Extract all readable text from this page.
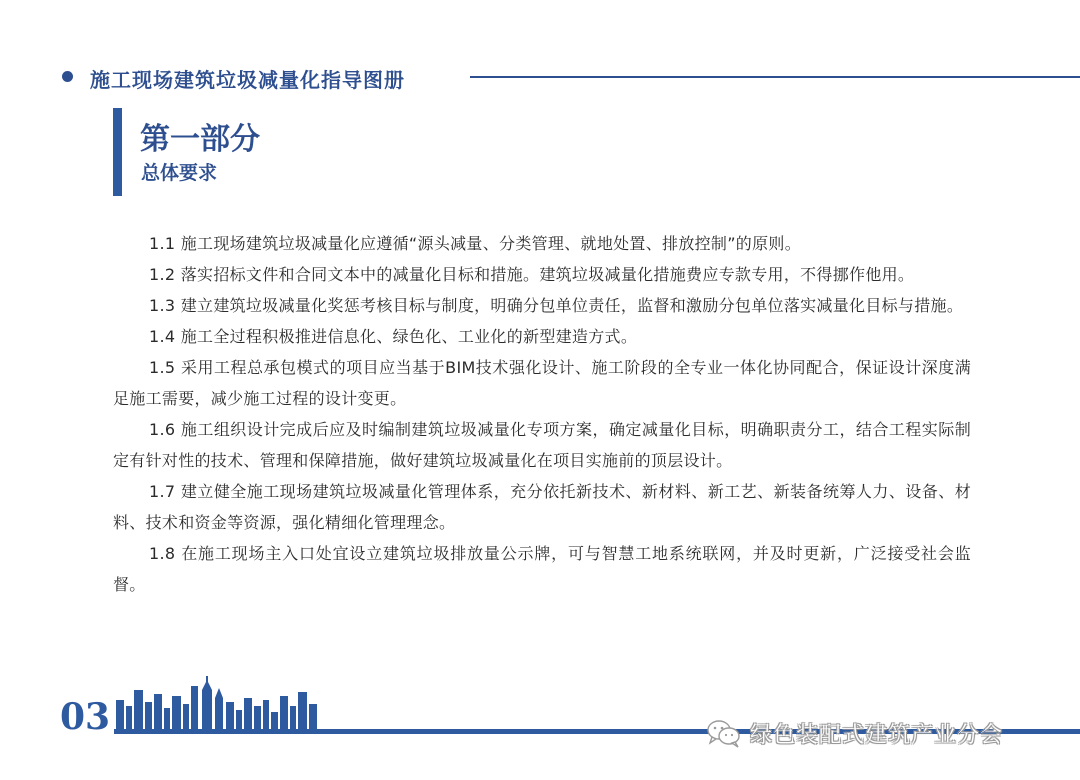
施工现场建筑垃圾减量化指导图册
第一部分
总体要求

1.1 施工现场建筑垃圾减量化应遵循“源头减量、分类管理、就地处置、排放控制”的原则。

1.2 落实招标文件和合同文本中的减量化目标和措施。建筑垃圾减量化措施费应专款专用，不得挪作他用。

1.3 建立建筑垃圾减量化奖惩考核目标与制度，明确分包单位责任，监督和激励分包单位落实减量化目标与措施。

1.4 施工全过程积极推进信息化、绿色化、工业化的新型建造方式。

1.5 采用工程总承包模式的项目应当基于BIM技术强化设计、施工阶段的全专业一体化协同配合，保证设计深度满足施工需要，减少施工过程的设计变更。

1.6 施工组织设计完成后应及时编制建筑垃圾减量化专项方案，确定减量化目标，明确职责分工，结合工程实际制定有针对性的技术、管理和保障措施，做好建筑垃圾减量化在项目实施前的顶层设计。

1.7 建立健全施工现场建筑垃圾减量化管理体系，充分依托新技术、新材料、新工艺、新装备统筹人力、设备、材料、技术和资金等资源，强化精细化管理理念。

1.8 在施工现场主入口处宜设立建筑垃圾排放量公示牌，可与智慧工地系统联网，并及时更新，广泛接受社会监督。

03	绿色装配式建筑产业分会
